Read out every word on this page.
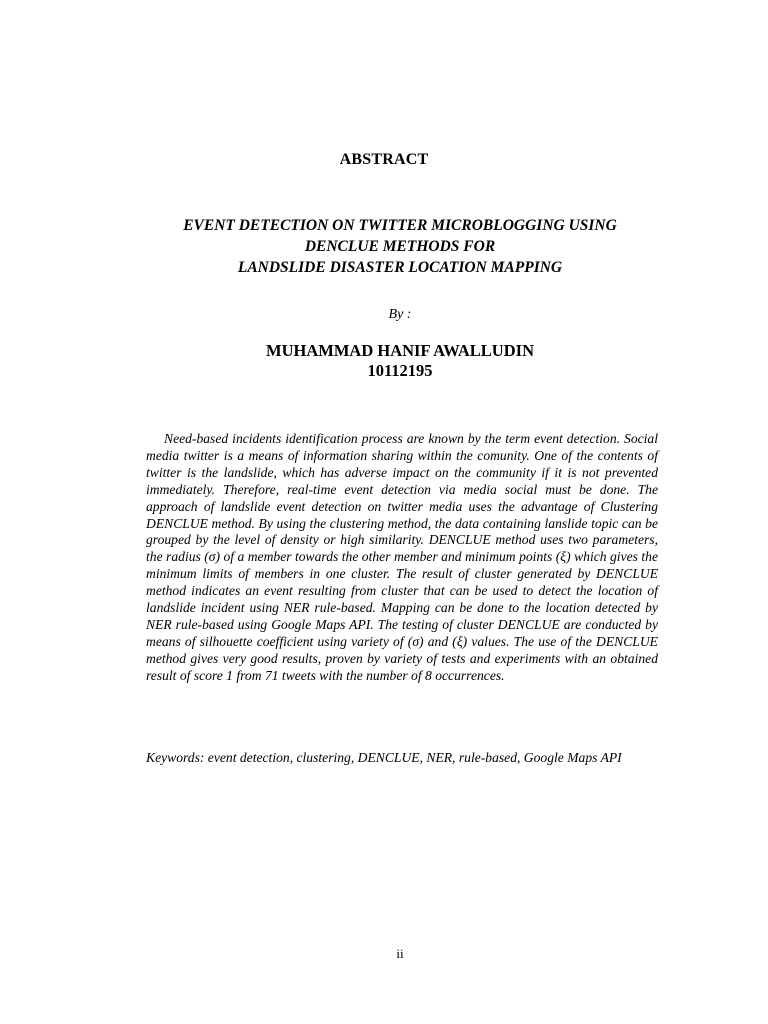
ABSTRACT
EVENT DETECTION ON TWITTER MICROBLOGGING USING
DENCLUE METHODS FOR
LANDSLIDE DISASTER LOCATION MAPPING
By :
MUHAMMAD HANIF AWALLUDIN
10112195

Need-based incidents identification process are known by the term event detection. Social media twitter is a means of information sharing within the comunity. One of the contents of twitter is the landslide, which has adverse impact on the community if it is not prevented immediately. Therefore, real-time event detection via media social must be done. The approach of landslide event detection on twitter media uses the advantage of Clustering DENCLUE method. By using the clustering method, the data containing lanslide topic can be grouped by the level of density or high similarity. DENCLUE method uses two parameters, the radius (σ) of a member towards the other member and minimum points (ξ) which gives the minimum limits of members in one cluster. The result of cluster generated by DENCLUE method indicates an event resulting from cluster that can be used to detect the location of landslide incident using NER rule-based. Mapping can be done to the location detected by NER rule-based using Google Maps API. The testing of cluster DENCLUE are conducted by means of silhouette coefficient using variety of (σ) and (ξ) values. The use of the DENCLUE method gives very good results, proven by variety of tests and experiments with an obtained result of score 1 from 71 tweets with the number of 8 occurrences.

Keywords: event detection, clustering, DENCLUE, NER, rule-based, Google Maps API

ii
